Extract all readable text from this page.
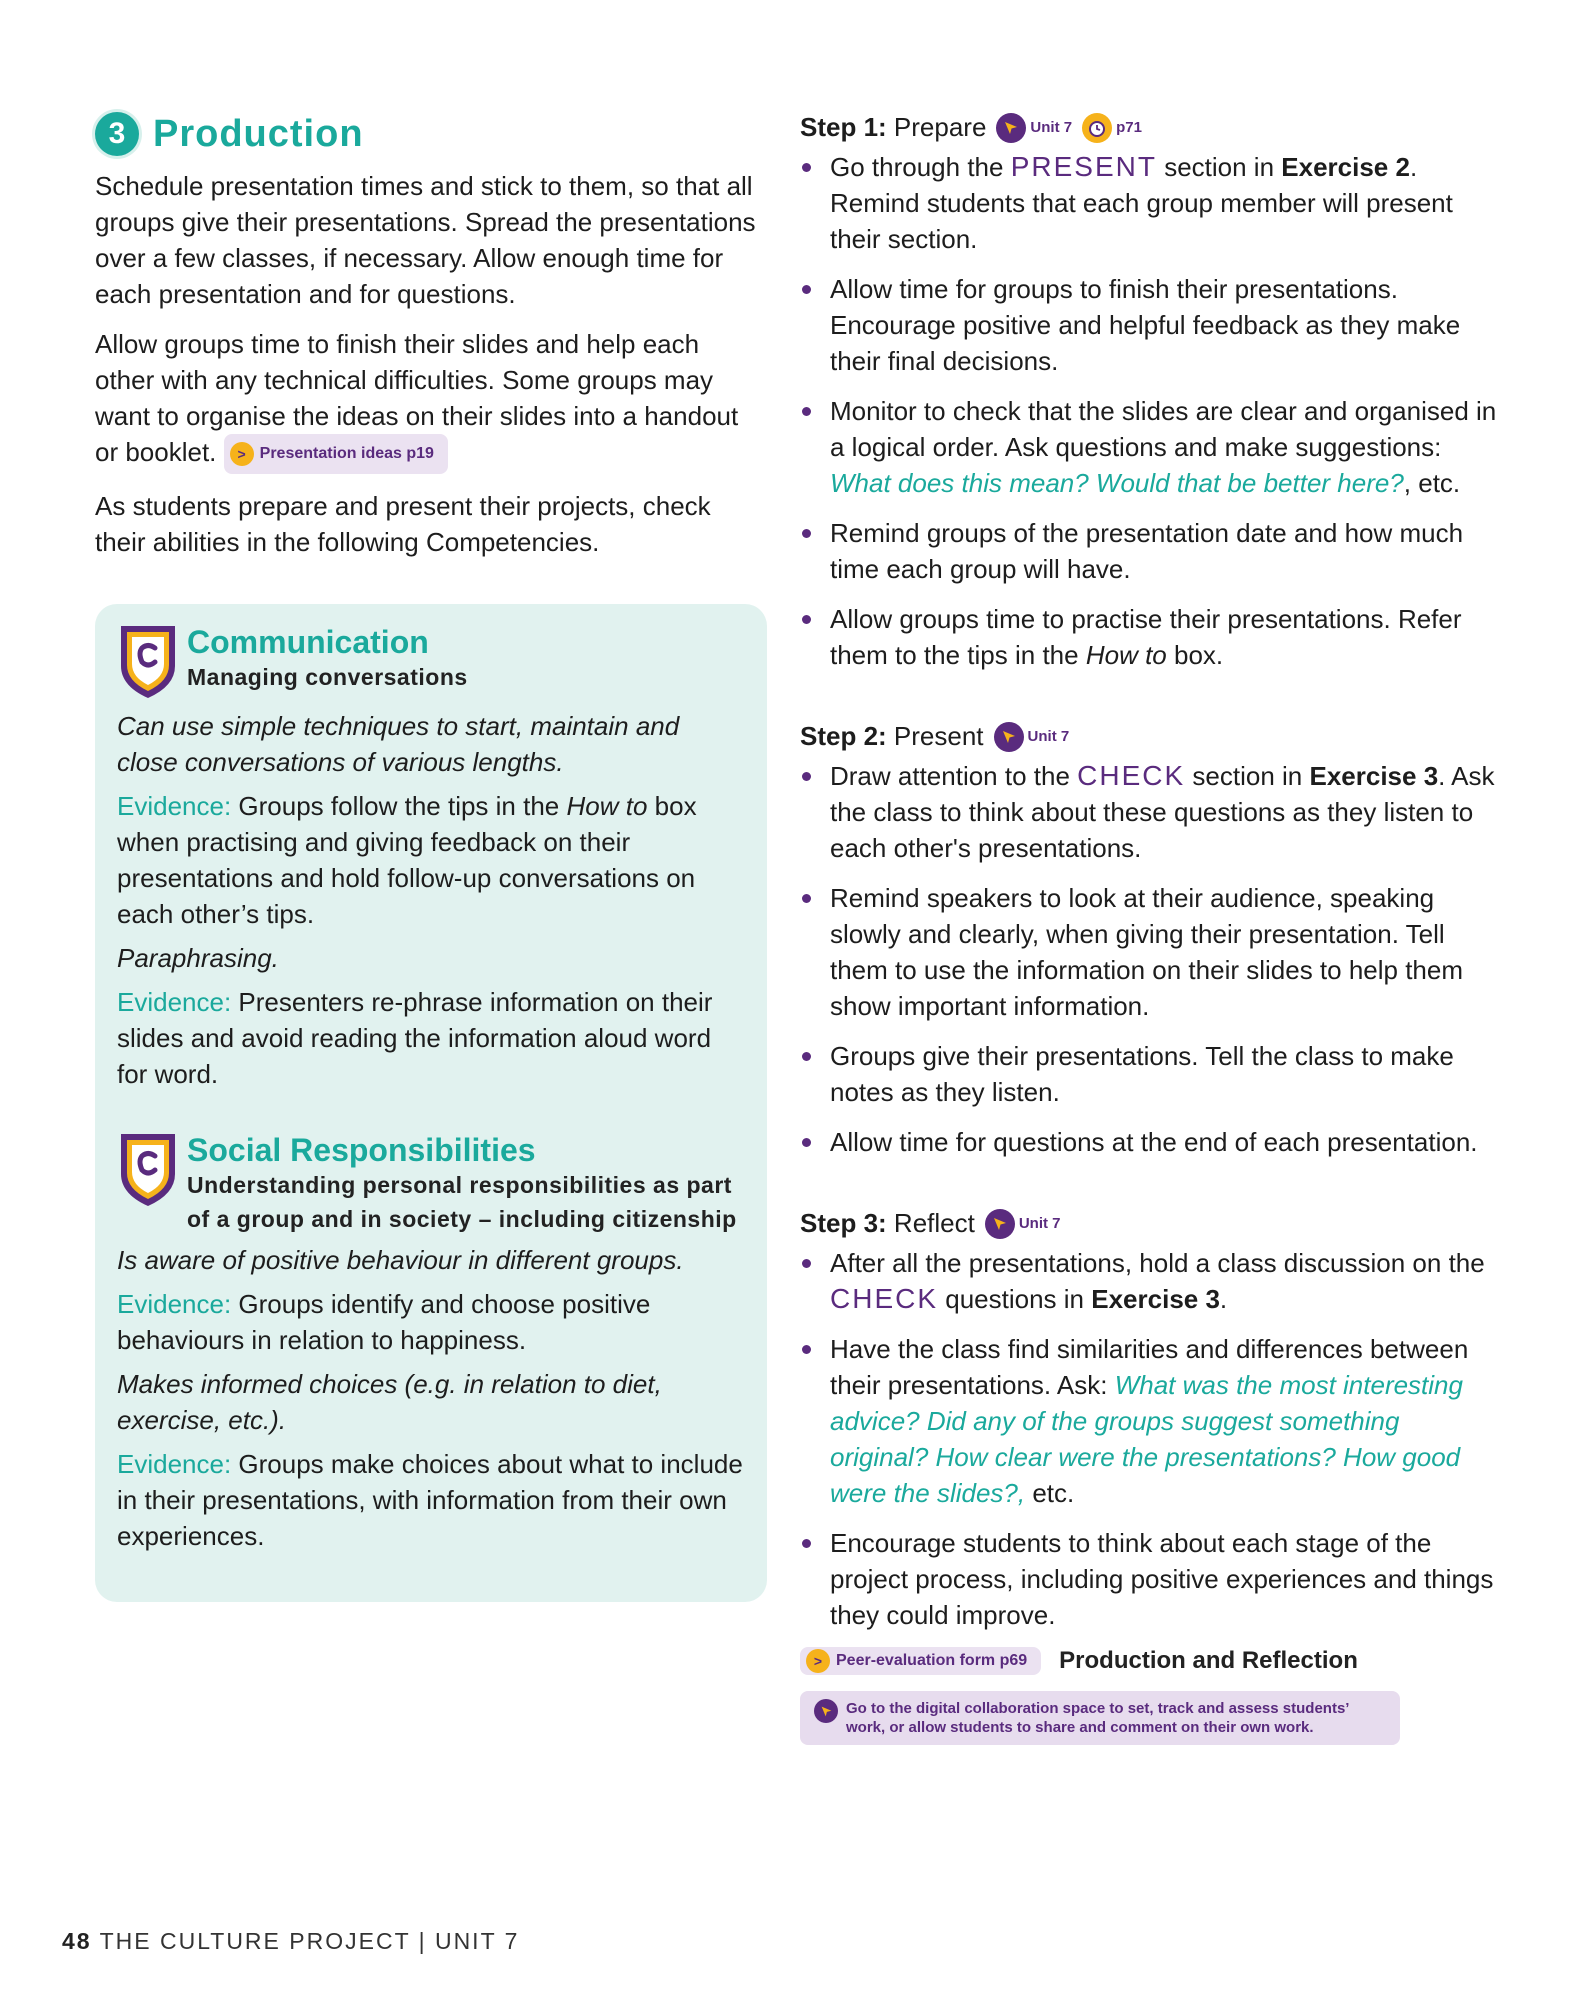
3 Production

Schedule presentation times and stick to them, so that all groups give their presentations. Spread the presentations over a few classes, if necessary. Allow enough time for each presentation and for questions.

Allow groups time to finish their slides and help each other with any technical difficulties. Some groups may want to organise the ideas on their slides into a handout or booklet.	> Presentation ideas p19

As students prepare and present their projects, check their abilities in the following Competencies.

Communication
Managing conversations

Can use simple techniques to start, maintain and close conversations of various lengths.

Evidence: Groups follow the tips in the How to box when practising and giving feedback on their presentations and hold follow-up conversations on each other’s tips.

Paraphrasing.

Evidence: Presenters re-phrase information on their slides and avoid reading the information aloud word for word.

Social Responsibilities
Understanding personal responsibilities as part of a group and in society – including citizenship

Is aware of positive behaviour in different groups.

Evidence: Groups identify and choose positive behaviours in relation to happiness.

Makes informed choices (e.g. in relation to diet, exercise, etc.).

Evidence: Groups make choices about what to include in their presentations, with information from their own experiences.

Step 1: Prepare	Unit 7	p71
Go through the PRESENT section in Exercise 2. Remind students that each group member will present their section.
Allow time for groups to finish their presentations. Encourage positive and helpful feedback as they make their final decisions.
Monitor to check that the slides are clear and organised in a logical order. Ask questions and make suggestions: What does this mean? Would that be better here?, etc.
Remind groups of the presentation date and how much time each group will have.
Allow groups time to practise their presentations. Refer them to the tips in the How to box.
Step 2: Present	Unit 7
Draw attention to the CHECK section in Exercise 3. Ask the class to think about these questions as they listen to each other's presentations.
Remind speakers to look at their audience, speaking slowly and clearly, when giving their presentation. Tell them to use the information on their slides to help them show important information.
Groups give their presentations. Tell the class to make notes as they listen.
Allow time for questions at the end of each presentation.
Step 3: Reflect	Unit 7
After all the presentations, hold a class discussion on the CHECK questions in Exercise 3.
Have the class find similarities and differences between their presentations. Ask: What was the most interesting advice? Did any of the groups suggest something original? How clear were the presentations? How good were the slides?, etc.
Encourage students to think about each stage of the project process, including positive experiences and things they could improve.
> Peer-evaluation form p69 Production and Reflection
Go to the digital collaboration space to set, track and assess students’ work, or allow students to share and comment on their own work.
48 THE CULTURE PROJECT | UNIT 7
